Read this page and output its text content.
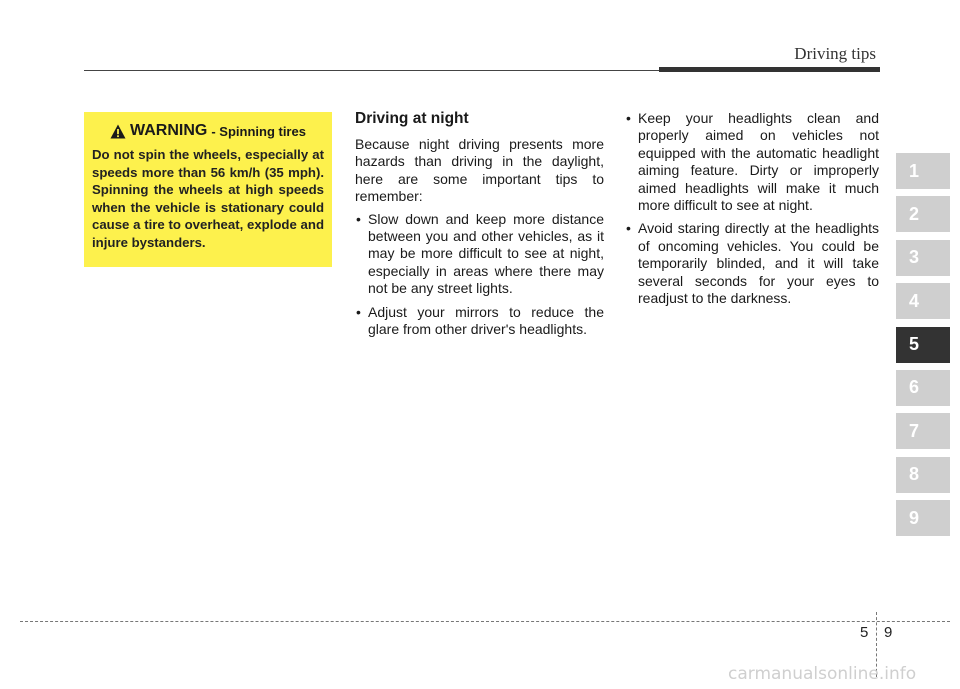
Driving tips
WARNING - Spinning tires

Do not spin the wheels, especially at speeds more than 56 km/h (35 mph). Spinning the wheels at high speeds when the vehicle is stationary could cause a tire to overheat, explode and injure bystanders.

Driving at night

Because night driving presents more hazards than driving in the daylight, here are some important tips to remember:

• Slow down and keep more distance between you and other vehicles, as it may be more difficult to see at night, especially in areas where there may not be any street lights.
• Adjust your mirrors to reduce the glare from other driver's headlights.
• Keep your headlights clean and properly aimed on vehicles not equipped with the automatic headlight aiming feature. Dirty or improperly aimed headlights will make it much more difficult to see at night.
• Avoid staring directly at the headlights of oncoming vehicles. You could be temporarily blinded, and it will take several seconds for your eyes to readjust to the darkness.
1
2
3
4
5
6
7
8
9
5 9
carmanualsonline.info
